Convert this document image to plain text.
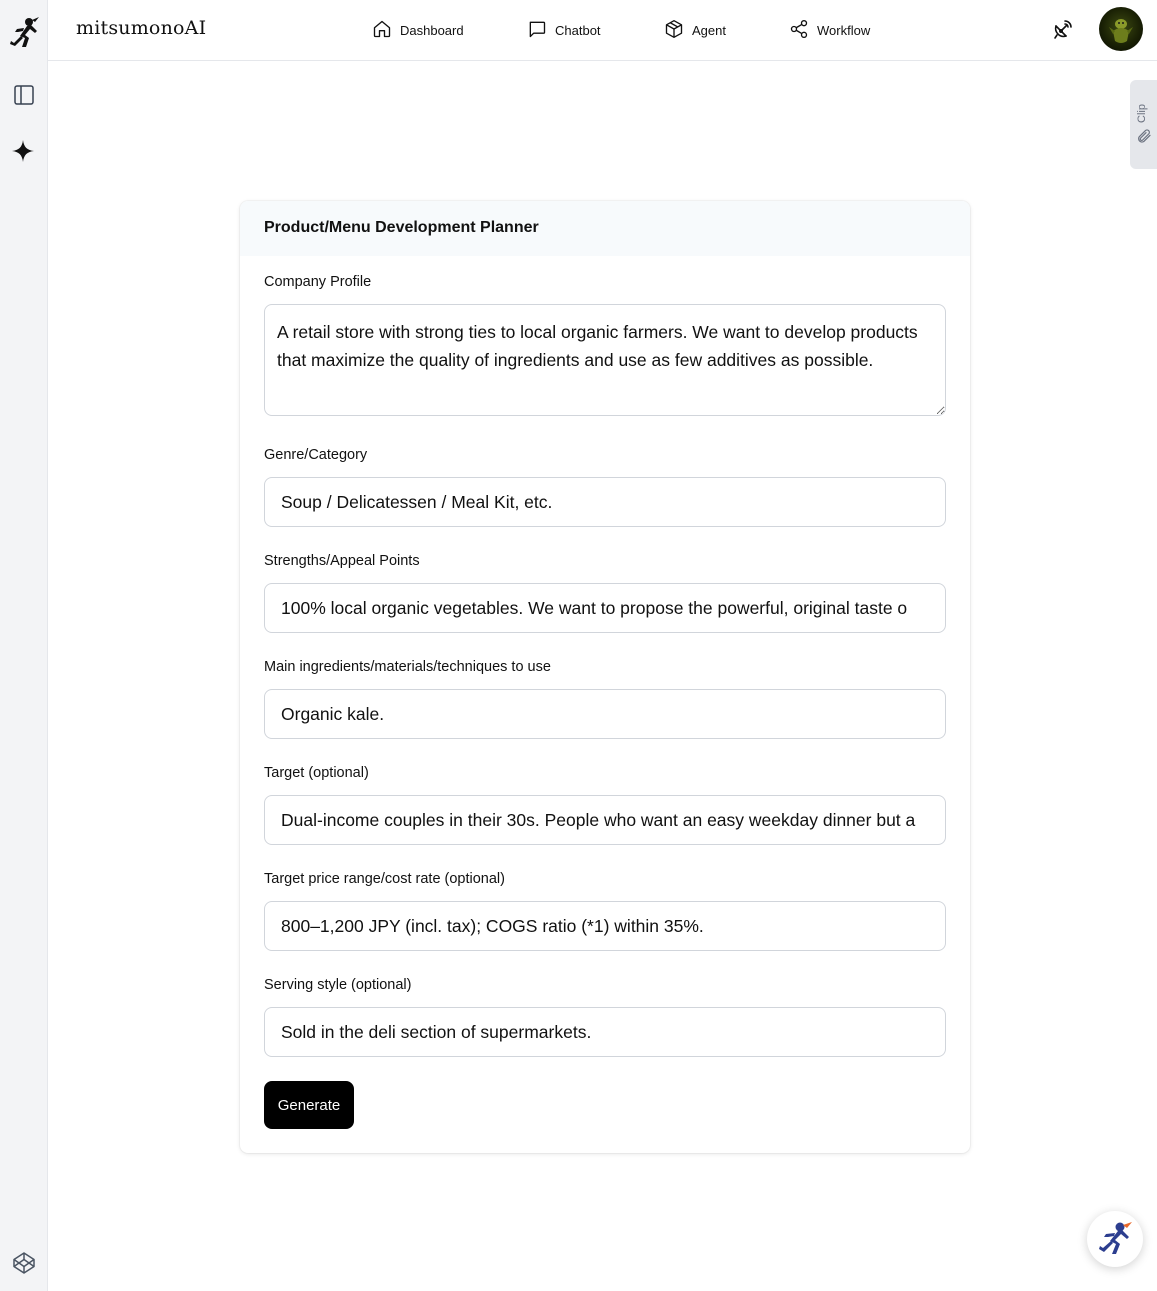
mitsumonoAI	Dashboard	Chatbot	Agent	Workflow
Clip
Product/Menu Development Planner
Company Profile
A retail store with strong ties to local organic farmers. We want to develop products that maximize the quality of ingredients and use as few additives as possible.
Genre/Category
Soup / Delicatessen / Meal Kit, etc.
Strengths/Appeal Points
100% local organic vegetables. We want to propose the powerful, original taste o
Main ingredients/materials/techniques to use
Organic kale.
Target (optional)
Dual-income couples in their 30s. People who want an easy weekday dinner but a
Target price range/cost rate (optional)
800–1,200 JPY (incl. tax); COGS ratio (*1) within 35%.
Serving style (optional)
Sold in the deli section of supermarkets.
Generate
